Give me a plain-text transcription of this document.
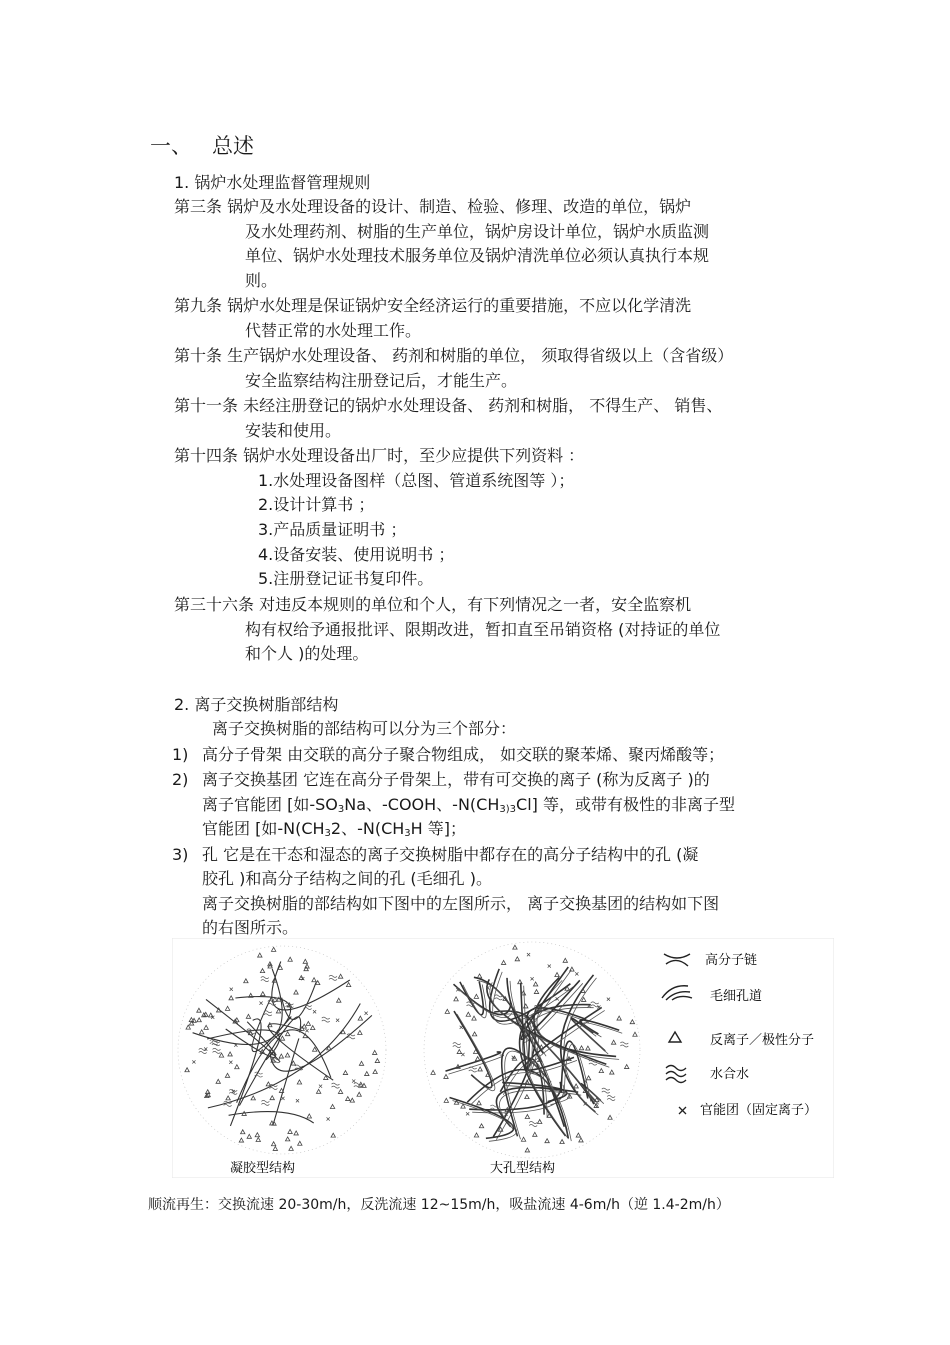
一、 总述
1. 锅炉水处理监督管理规则
第三条 锅炉及水处理设备的设计、制造、检验、修理、改造的单位，锅炉
及水处理药剂、树脂的生产单位，锅炉房设计单位，锅炉水质监测
单位、锅炉水处理技术服务单位及锅炉清洗单位必须认真执行本规
则。
第九条 锅炉水处理是保证锅炉安全经济运行的重要措施，不应以化学清洗
代替正常的水处理工作。
第十条 生产锅炉水处理设备、 药剂和树脂的单位， 须取得省级以上（含省级）
安全监察结构注册登记后，才能生产。
第十一条 未经注册登记的锅炉水处理设备、 药剂和树脂， 不得生产、 销售、
安装和使用。
第十四条 锅炉水处理设备出厂时，至少应提供下列资料 ：
1.水处理设备图样（总图、管道系统图等 ）；
2.设计计算书 ；
3.产品质量证明书 ；
4.设备安装、使用说明书 ；
5.注册登记证书复印件。
第三十六条 对违反本规则的单位和个人，有下列情况之一者，安全监察机
构有权给予通报批评、限期改进，暂扣直至吊销资格 (对持证的单位
和个人 )的处理。
2. 离子交换树脂部结构
离子交换树脂的部结构可以分为三个部分：
1) 高分子骨架 由交联的高分子聚合物组成， 如交联的聚苯烯、聚丙烯酸等；
2) 离子交换基团 它连在高分子骨架上，带有可交换的离子 (称为反离子 )的
离子官能团 [如$-SO_3Na$、-COOH、$-N(CH_{3)3}Cl]$ 等，或带有极性的非离子型
官能团 [如$-N(CH_32$、$-N(CH_3H$ 等]；
3) 孔 它是在干态和湿态的离子交换树脂中都存在的高分子结构中的孔 (凝
胶孔 )和高分子结构之间的孔 (毛细孔 )。
离子交换树脂的部结构如下图中的左图所示， 离子交换基团的结构如下图
的右图所示。
凝胶型结构	大孔型结构
高分子链
毛细孔道
反离子／极性分子
水合水
官能团（固定离子）
顺流再生：交换流速 20-30m/h，反洗流速 12~15m/h，吸盐流速 4-6m/h（逆 1.4-2m/h）
